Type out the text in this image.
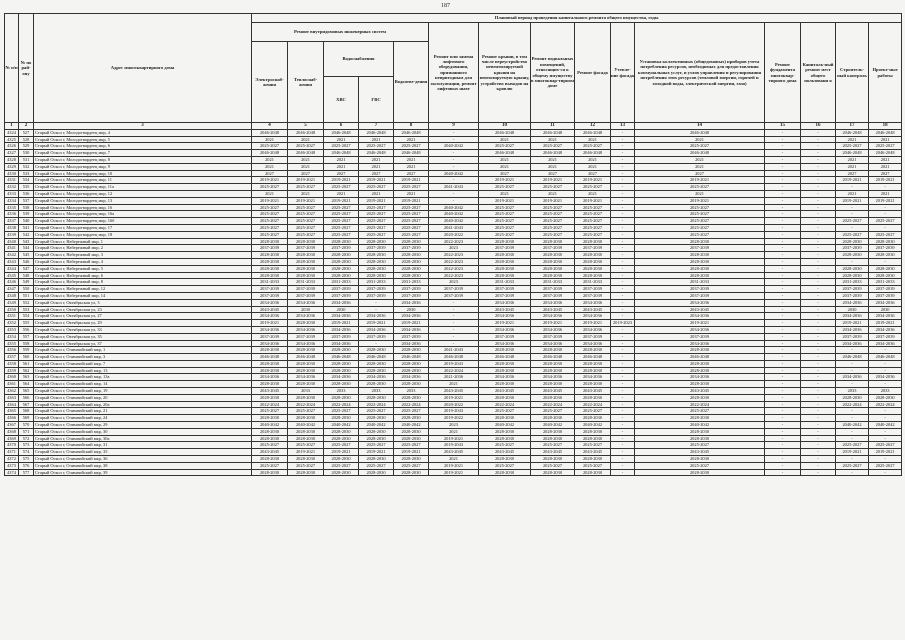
187
№ п/п	№ по рай-ону	Адрес многоквартирного дома	Плановый период проведения капитального ремонта общего имущества, годы														
			Ремонт внутридомовых инженерных систем					Ремонт или замена лифтового оборудования, признанного непригодным для эксплуатации, ремонт лифтовых шахт	Ремонт крыши, в том числе переустройство невентилируемой крыши на вентилируемую крышу, устройство выходов на кровлю	Ремонт подвальных помещений, относящих-ся к общему имуществу в многоквар-тирном доме	Ремонт фасада	Утепле-ние фасада	Установка коллективных (общедомовых) приборов учета потребления ресурсов, необходимых для предоставления коммунальных услуг, и узлов управления и регулирования потребления этих ресурсов (тепловой энергии, горячей и холодной воды, электрической энергии, газа)	Ремонт фундамента многоквар-тирного дома	Капиталь-ный ремонт мест общего пользовани я	Строитель-ный контроль	Проект-ные работы
			Электроснаб-жения	Теплоснаб-жения	Водоснабжения		Водоотве-дения										
					ХВС	ГВС											
1	2	3	4	5	6	7	8	9	10	11	12	13	14	15	16	17	18
4324	527	Старый Оскол г, Молодогвардеец мкр, 4	2046-2048	2046-2048	2046-2048	2046-2048	2046-2048	-	2046-2048	2046-2048	2046-2048	-	2046-2048	-	-	2046-2048	2046-2048
4325	528	Старый Оскол г, Молодогвардеец мкр, 5	2021	2021	2021	2021	2021	-	2021	2021	2021	-	2021	-	-	2021	2021
4326	529	Старый Оскол г, Молодогвардеец мкр, 6	2025-2027	2025-2027	2025-2027	2025-2027	2025-2027	2040-2042	2025-2027	2025-2027	2025-2027	-	2025-2027	-	-	2025-2027	2025-2027
4327	530	Старый Оскол г, Молодогвардеец мкр, 7	2046-2048	2046-2048	2046-2048	2046-2048	2046-2048	-	2046-2048	2046-2048	2046-2048	-	2046-2048	-	-	2046-2048	2046-2048
4328	531	Старый Оскол г, Молодогвардеец мкр, 8	2021	2021	2021	2021	2021	-	2021	2021	2021	-	2021	-	-	2021	2021
4329	532	Старый Оскол г, Молодогвардеец мкр, 9	2021	2021	2021	2021	2021	-	2021	2021	2021	-	2021	-	-	2021	2021
4330	533	Старый Оскол г, Молодогвардеец мкр, 10	2027	2027	2027	2027	2027	2040-2042	2027	2027	2027	-	2027	-	-	2027	2027
4331	534	Старый Оскол г, Молодогвардеец мкр, 11	2019-2021	2019-2021	2019-2021	2019-2021	2019-2021	-	2019-2021	2019-2021	2019-2021	-	2019-2021	-	-	2019-2021	2019-2021
4332	535	Старый Оскол г, Молодогвардеец мкр, 11а	2025-2027	2025-2027	2025-2027	2025-2027	2025-2027	2041-2043	2025-2027	2025-2027	2025-2027	-	2025-2027	-	-	-	-
4333	536	Старый Оскол г, Молодогвардеец мкр, 12	2021	2021	2021	2021	2021	-	2021	2021	2021	-	2021	-	-	2021	2021
4334	537	Старый Оскол г, Молодогвардеец мкр, 13	2019-2021	2019-2021	2019-2021	2019-2021	2019-2021	-	2019-2021	2019-2021	2019-2021	-	2019-2021	-	-	2019-2021	2019-2021
4335	538	Старый Оскол г, Молодогвардеец мкр, 16	2025-2027	2025-2027	2025-2027	2025-2027	2025-2027	2040-2042	2025-2027	2025-2027	2025-2027	-	2025-2027	-	-	-	-
4336	539	Старый Оскол г, Молодогвардеец мкр, 16а	2025-2027	2025-2027	2025-2027	2025-2027	2025-2027	2040-2042	2025-2027	2025-2027	2025-2027	-	2025-2027	-	-	-	-
4337	540	Старый Оскол г, Молодогвардеец мкр, 16б	2025-2027	2025-2027	2025-2027	2025-2027	2025-2027	2040-2042	2025-2027	2025-2027	2025-2027	-	2025-2027	-	-	2025-2027	2025-2027
4338	541	Старый Оскол г, Молодогвардеец мкр, 17	2025-2027	2025-2027	2025-2027	2025-2027	2025-2027	2041-2043	2025-2027	2025-2027	2025-2027	-	2025-2027	-	-	-	-
4339	542	Старый Оскол г, Молодогвардеец мкр, 18	2025-2027	2025-2027	2025-2027	2025-2027	2025-2027	2020-2022	2025-2027	2025-2027	2025-2027	-	2025-2027	-	-	2025-2027	2025-2027
4340	543	Старый Оскол г, Набережный мкр, 1	2028-2030	2028-2030	2028-2030	2028-2030	2028-2030	2022-2023	2028-2030	2028-2030	2028-2030	-	2028-2030	-	-	2028-2030	2028-2030
4341	544	Старый Оскол г, Набережный мкр, 2	2037-2039	2037-2039	2037-2039	2037-2039	2037-2039	2023	2037-2039	2037-2039	2037-2039	-	2037-2039	-	-	2037-2039	2037-2039
4342	545	Старый Оскол г, Набережный мкр, 3	2028-2030	2028-2030	2028-2030	2028-2030	2028-2030	2022-2023	2028-2030	2028-2030	2028-2030	-	2028-2030	-	-	2028-2030	2028-2030
4343	546	Старый Оскол г, Набережный мкр, 4	2028-2030	2028-2030	2028-2030	2028-2030	2028-2030	2022-2023	2028-2030	2028-2030	2028-2030	-	2028-2030	-	-	-	-
4344	547	Старый Оскол г, Набережный мкр, 5	2028-2030	2028-2030	2028-2030	2028-2030	2028-2030	2022-2023	2028-2030	2028-2030	2028-2030	-	2028-2030	-	-	2028-2030	2028-2030
4345	548	Старый Оскол г, Набережный мкр, 6	2028-2030	2028-2030	2028-2030	2028-2030	2028-2030	2022-2023	2028-2030	2028-2030	2028-2030	-	2028-2030	-	-	2028-2030	2028-2030
4346	549	Старый Оскол г, Набережный мкр, 8	2031-2033	2031-2033	2031-2033	2031-2033	2031-2033	2023	2031-2033	2031-2033	2031-2033	-	2031-2033	-	-	2031-2033	2031-2033
4347	550	Старый Оскол г, Набережный мкр, 12	2037-2039	2037-2039	2037-2039	2037-2039	2037-2039	2037-2039	2037-2039	2037-2039	2037-2039	-	2037-2039	-	-	2037-2039	2037-2039
4348	551	Старый Оскол г, Набережный мкр, 14	2037-2039	2037-2039	2037-2039	2037-2039	2037-2039	2037-2039	2037-2039	2037-2039	2037-2039	-	2037-2039	-	-	2037-2039	2037-2039
4349	552	Старый Оскол г, Октябрьская ул, 3	2034-2036	2034-2036	2034-2036	-	2034-2036	-	2034-2036	2034-2036	2034-2036	-	2034-2036	-	-	2034-2036	2034-2036
4350	553	Старый Оскол г, Октябрьская ул, 23	2043-2045	2030	2030	-	2030	-	2043-2045	2043-2045	2043-2045	-	2043-2045	-	-	2030	2030
4351	554	Старый Оскол г, Октябрьская ул, 27	2034-2036	2034-2036	2034-2036	2034-2036	2034-2036	-	2034-2036	2034-2036	2034-2036	-	2034-2036	-	-	2034-2036	2034-2036
4352	555	Старый Оскол г, Октябрьская ул, 29	2019-2021	2028-2030	2019-2021	2019-2021	2019-2021	-	2019-2021	2019-2021	2019-2021	2019-2023	2019-2021	-	-	2019-2021	2019-2021
4353	556	Старый Оскол г, Октябрьская ул, 33	2034-2036	2034-2036	2034-2036	2034-2036	2034-2036	-	2034-2036	2034-2036	2034-2036	-	2034-2036	-	-	2034-2036	2034-2036
4354	557	Старый Оскол г, Октябрьская ул, 35	2037-2039	2037-2039	2037-2039	2037-2039	2037-2039	-	2037-2039	2037-2039	2037-2039	-	2037-2039	-	-	2037-2039	2037-2039
4355	558	Старый Оскол г, Октябрьская ул, 37	2034-2036	2034-2036	2034-2036	-	2034-2036	-	2034-2036	2034-2036	2034-2036	-	2034-2036	-	-	2034-2036	2034-2036
4356	559	Старый Оскол г, Олимпийский мкр, 1	2028-2030	2028-2030	2028-2030	2028-2030	2028-2030	2041-2043	2028-2030	2028-2030	2028-2030	-	2028-2030	-	-	-	-
4357	560	Старый Оскол г, Олимпийский мкр, 3	2046-2048	2046-2048	2046-2048	2046-2048	2046-2048	2046-2048	2046-2048	2046-2048	2046-2048	-	2046-2048	-	-	2046-2048	2046-2048
4358	561	Старый Оскол г, Олимпийский мкр, 7	2028-2030	2028-2030	2028-2030	2028-2030	2028-2030	2019-2043	2028-2030	2028-2030	2028-2030	-	2028-2030	-	-	-	-
4359	562	Старый Оскол г, Олимпийский мкр, 13	2028-2030	2028-2030	2028-2030	2028-2030	2028-2030	2022-2024	2028-2030	2028-2030	2028-2030	-	2028-2030	-	-	-	-
4360	563	Старый Оскол г, Олимпийский мкр, 13а	2034-2036	2034-2036	2034-2036	2034-2036	2034-2036	2021-2036	2034-2036	2034-2036	2034-2036	-	2034-2036	-	-	2034-2036	2034-2036
4361	564	Старый Оскол г, Олимпийский мкр, 14	2028-2030	2028-2030	2028-2030	2028-2030	2028-2030	2021	2028-2030	2028-2030	2028-2030	-	2028-2030	-	-	-	-
4362	565	Старый Оскол г, Олимпийский мкр, 19	2043-2045	2033	2033	2033	2033	2043-2045	2043-2045	2043-2045	2043-2045	-	2043-2045	-	-	2033	2033
4363	566	Старый Оскол г, Олимпийский мкр, 20	2028-2030	2028-2030	2028-2030	2028-2030	2028-2030	2019-2021	2028-2030	2028-2030	2028-2030	-	2028-2030	-	-	2028-2030	2028-2030
4364	567	Старый Оскол г, Олимпийский мкр, 20а	2022-2024	2022-2024	2022-2024	2022-2024	2022-2024	2020-2022	2022-2024	2022-2024	2022-2024	-	2022-2024	-	-	2022-2024	2022-2024
4365	568	Старый Оскол г, Олимпийский мкр, 21	2025-2027	2025-2027	2025-2027	2025-2027	2025-2027	2019-2043	2025-2027	2025-2027	2025-2027	-	2025-2027	-	-	-	-
4366	569	Старый Оскол г, Олимпийский мкр, 24	2028-2030	2028-2030	2028-2030	2028-2030	2028-2030	2019-2022	2028-2030	2028-2030	2028-2030	-	2028-2030	-	-	-	-
4367	570	Старый Оскол г, Олимпийский мкр, 29	2040-2042	2040-2042	2040-2042	2040-2042	2040-2042	2023	2040-2042	2040-2042	2040-2042	-	2040-2042	-	-	2040-2042	2040-2042
4368	571	Старый Оскол г, Олимпийский мкр, 30	2028-2030	2028-2030	2028-2030	2028-2030	2028-2030	2021	2028-2030	2028-2030	2028-2030	-	2028-2030	-	-	-	-
4369	572	Старый Оскол г, Олимпийский мкр, 30а	2028-2030	2028-2030	2028-2030	2028-2030	2028-2030	2019-2021	2028-2030	2028-2030	2028-2030	-	2028-2030	-	-	-	-
4370	573	Старый Оскол г, Олимпийский мкр, 31	2025-2027	2025-2027	2025-2027	2025-2027	2025-2027	2019-2043	2025-2027	2025-2027	2025-2027	-	2025-2027	-	-	2025-2027	2025-2027
4371	574	Старый Оскол г, Олимпийский мкр, 35	2043-2045	2019-2021	2019-2021	2019-2021	2019-2021	2043-2045	2043-2045	2043-2045	2043-2045	-	2043-2045	-	-	2019-2021	2019-2021
4372	575	Старый Оскол г, Олимпийский мкр, 36	2028-2030	2028-2030	2028-2030	2028-2030	2028-2030	2021	2028-2030	2028-2030	2028-2030	-	2028-2030	-	-	-	-
4373	576	Старый Оскол г, Олимпийский мкр, 38	2025-2027	2025-2027	2025-2027	2025-2027	2025-2027	2019-2021	2025-2027	2025-2027	2025-2027	-	2025-2027	-	-	2025-2027	2025-2027
4374	577	Старый Оскол г, Олимпийский мкр, 39	2028-2030	2028-2030	2028-2030	2028-2030	2028-2030	2019-2021	2028-2030	2028-2030	2028-2030	-	2028-2030	-	-	-	-
